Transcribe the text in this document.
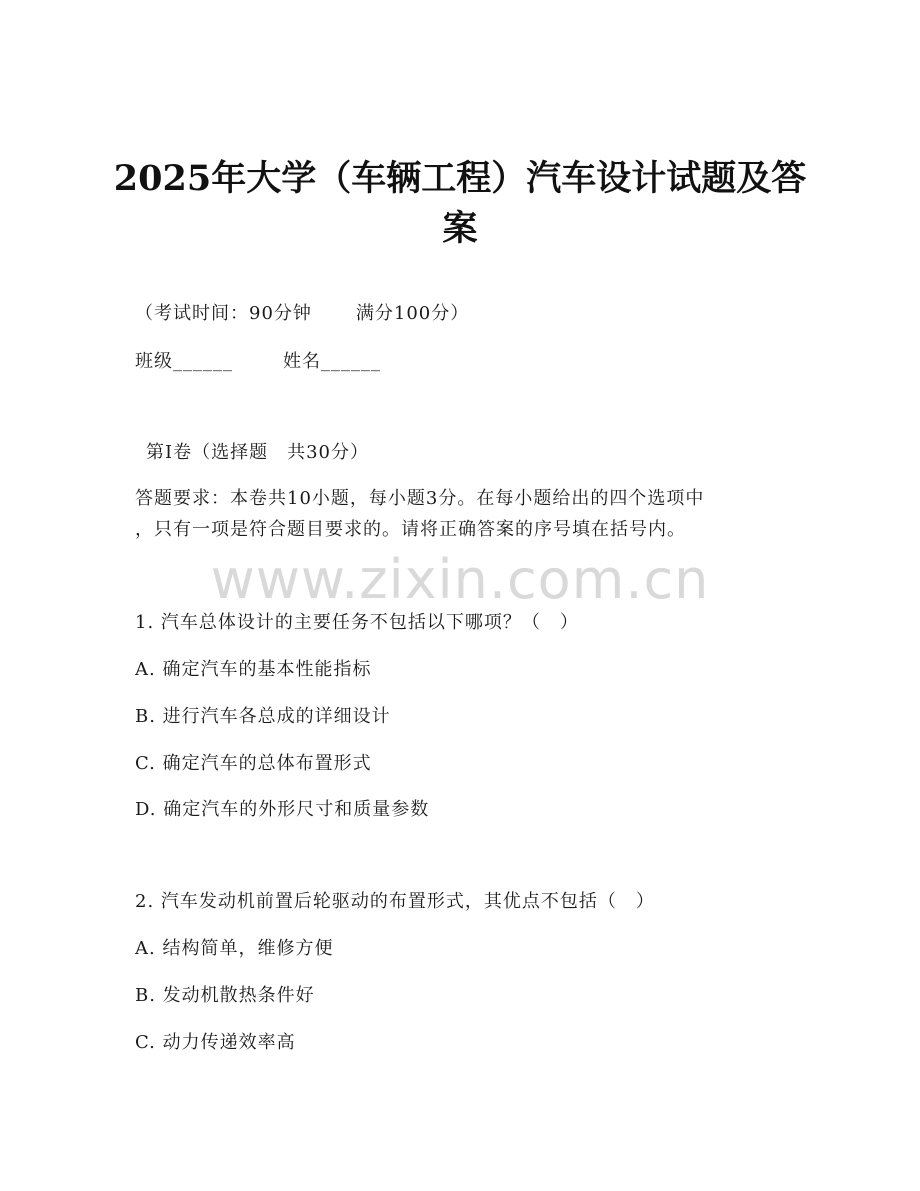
2025年大学（车辆工程）汽车设计试题及答
案
（考试时间：90分钟 满分100分）
班级______	姓名______
第I卷（选择题　共30分）
答题要求：本卷共10小题，每小题3分。在每小题给出的四个选项中
，只有一项是符合题目要求的。请将正确答案的序号填在括号内。
www.zixin.com.cn
1. 汽车总体设计的主要任务不包括以下哪项？（　）
A. 确定汽车的基本性能指标
B. 进行汽车各总成的详细设计
C. 确定汽车的总体布置形式
D. 确定汽车的外形尺寸和质量参数
2. 汽车发动机前置后轮驱动的布置形式，其优点不包括（　）
A. 结构简单，维修方便
B. 发动机散热条件好
C. 动力传递效率高
